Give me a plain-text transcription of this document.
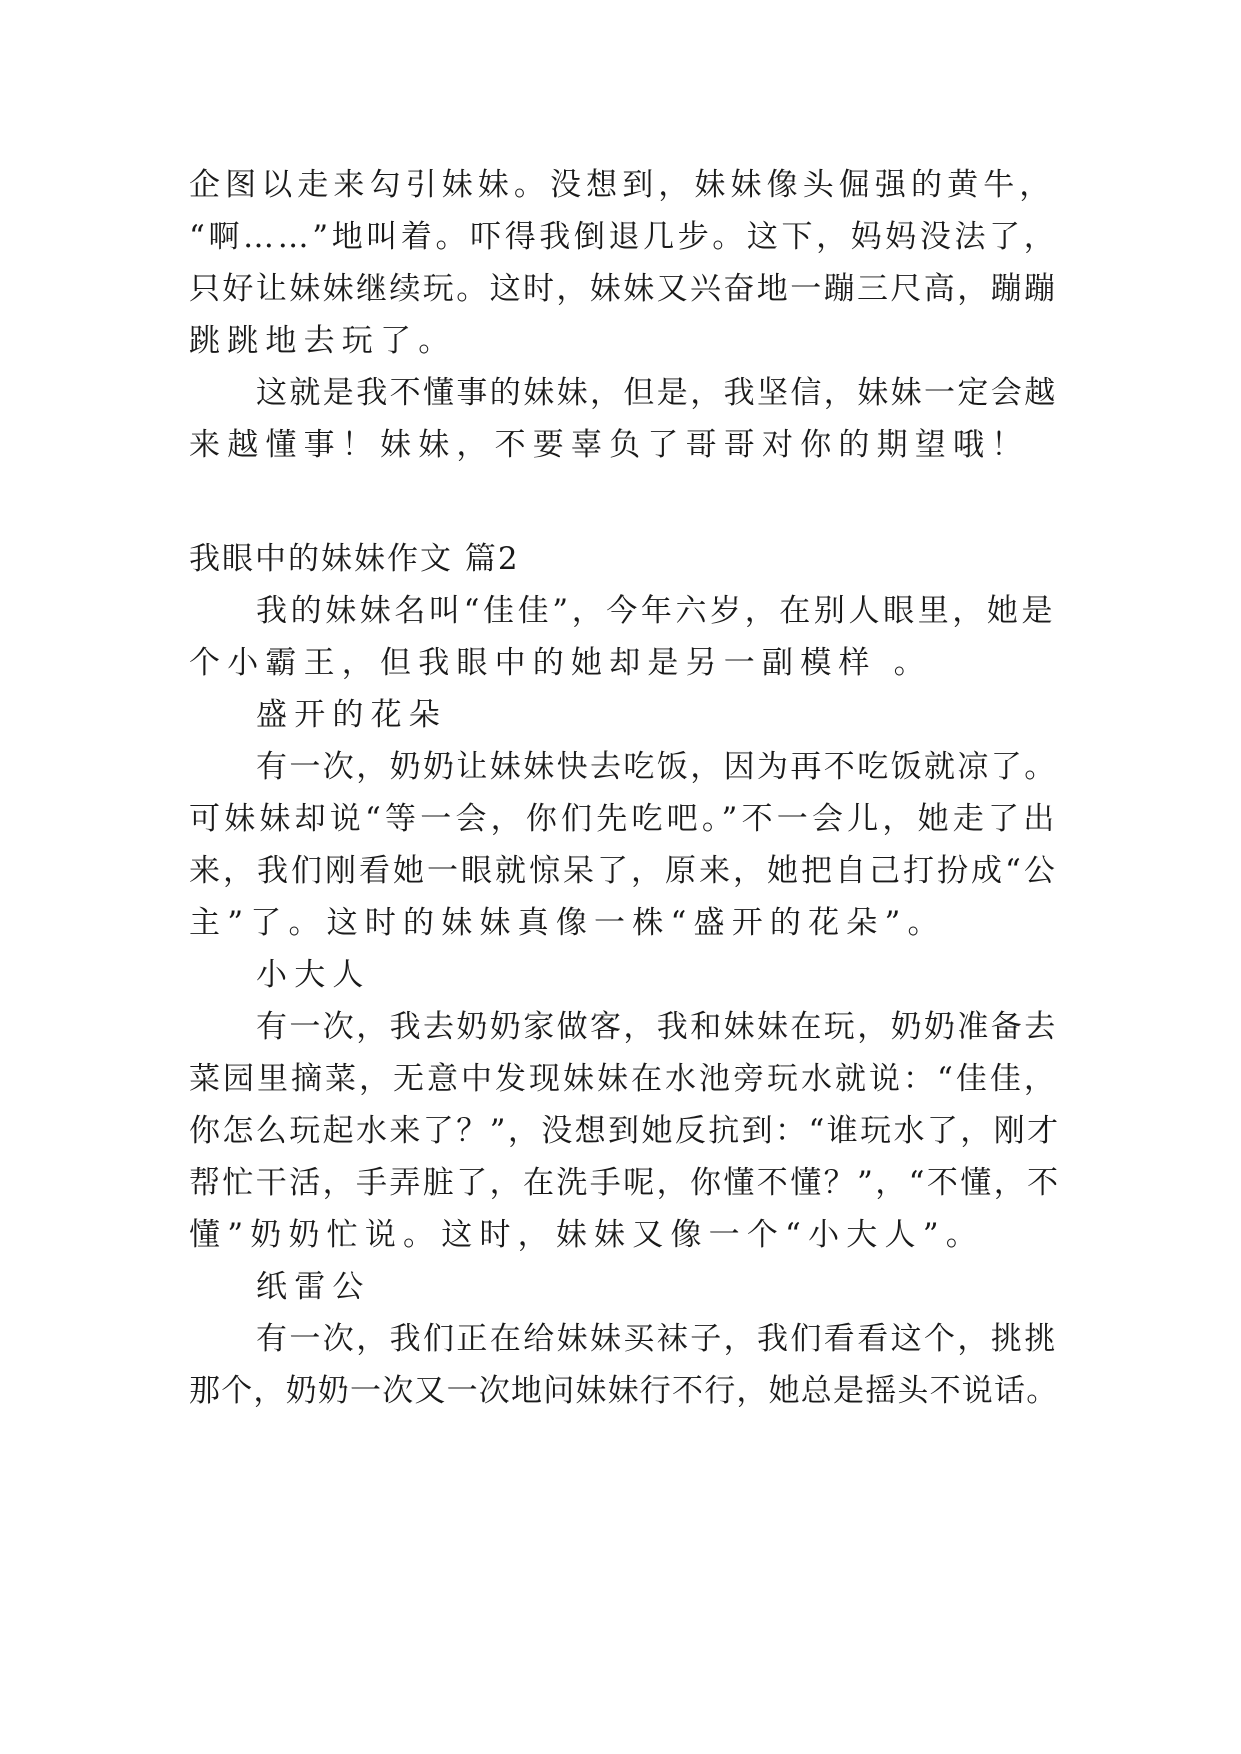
企图以走来勾引妹妹。没想到，妹妹像头倔强的黄牛，
“啊……”地叫着。吓得我倒退几步。这下，妈妈没法了，
只好让妹妹继续玩。这时，妹妹又兴奋地一蹦三尺高，蹦蹦
跳跳地去玩了。
这就是我不懂事的妹妹，但是，我坚信，妹妹一定会越
来越懂事！妹妹，不要辜负了哥哥对你的期望哦！
我眼中的妹妹作文 篇2
我的妹妹名叫“佳佳”，今年六岁，在别人眼里，她是
个小霸王，但我眼中的她却是另一副模样 。
盛开的花朵
有一次，奶奶让妹妹快去吃饭，因为再不吃饭就凉了。
可妹妹却说“等一会，你们先吃吧。”不一会儿，她走了出
来，我们刚看她一眼就惊呆了，原来，她把自己打扮成“公
主”了。这时的妹妹真像一株“盛开的花朵”。
小大人
有一次，我去奶奶家做客，我和妹妹在玩，奶奶准备去
菜园里摘菜，无意中发现妹妹在水池旁玩水就说：“佳佳，
你怎么玩起水来了？”，没想到她反抗到：“谁玩水了，刚才
帮忙干活，手弄脏了，在洗手呢，你懂不懂？”，“不懂，不
懂”奶奶忙说。这时，妹妹又像一个“小大人”。
纸雷公
有一次，我们正在给妹妹买袜子，我们看看这个，挑挑
那个，奶奶一次又一次地问妹妹行不行，她总是摇头不说话。
